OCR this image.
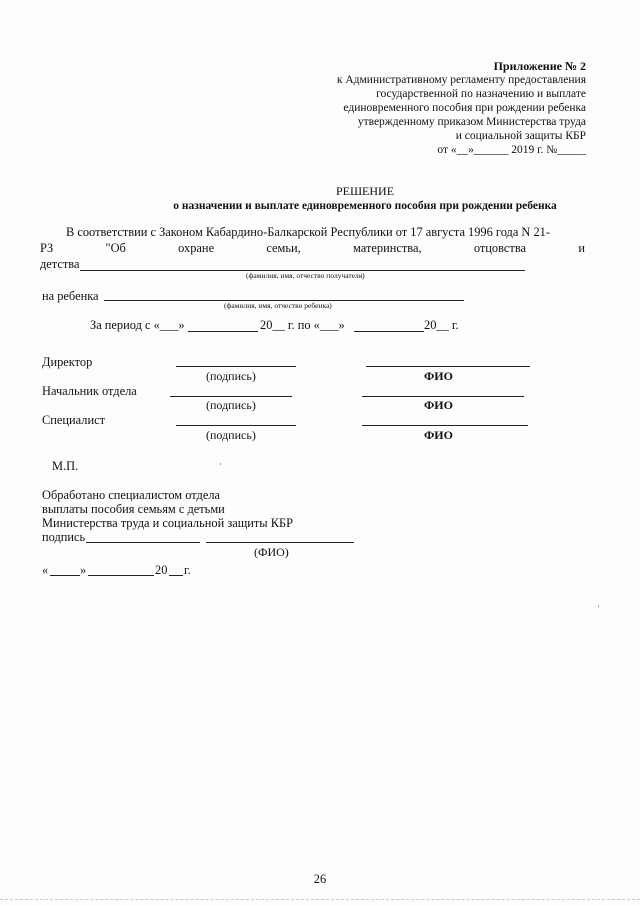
Приложение № 2
к Административному регламенту предоставления
государственной по назначению и выплате
единовременного пособия при рождении ребенка
утвержденному приказом Министерства труда
и социальной защиты КБР
от «__»______ 2019 г. №_____
РЕШЕНИЕ
о назначении и выплате единовременного пособия при рождении ребенка
В соответствии с Законом Кабардино-Балкарской Республики от 17 августа 1996 года N 21-
РЗ	"Об	охране	семьи,	материнства,	отцовства	и
детства
(фамилия, имя, отчество получателя)
на ребенка
(фамилия, имя, отчество ребенка)
За период с «___»	20__ г. по «___»	20__ г.
Директор
(подпись)	ФИО
Начальник отдела
(подпись)	ФИО
Специалист
(подпись)	ФИО
М.П.
Обработано специалистом отдела
выплаты пособия семьям с детьми
Министерства труда и социальной защиты КБР
подпись
(ФИО)
«	»	20 г.
26
